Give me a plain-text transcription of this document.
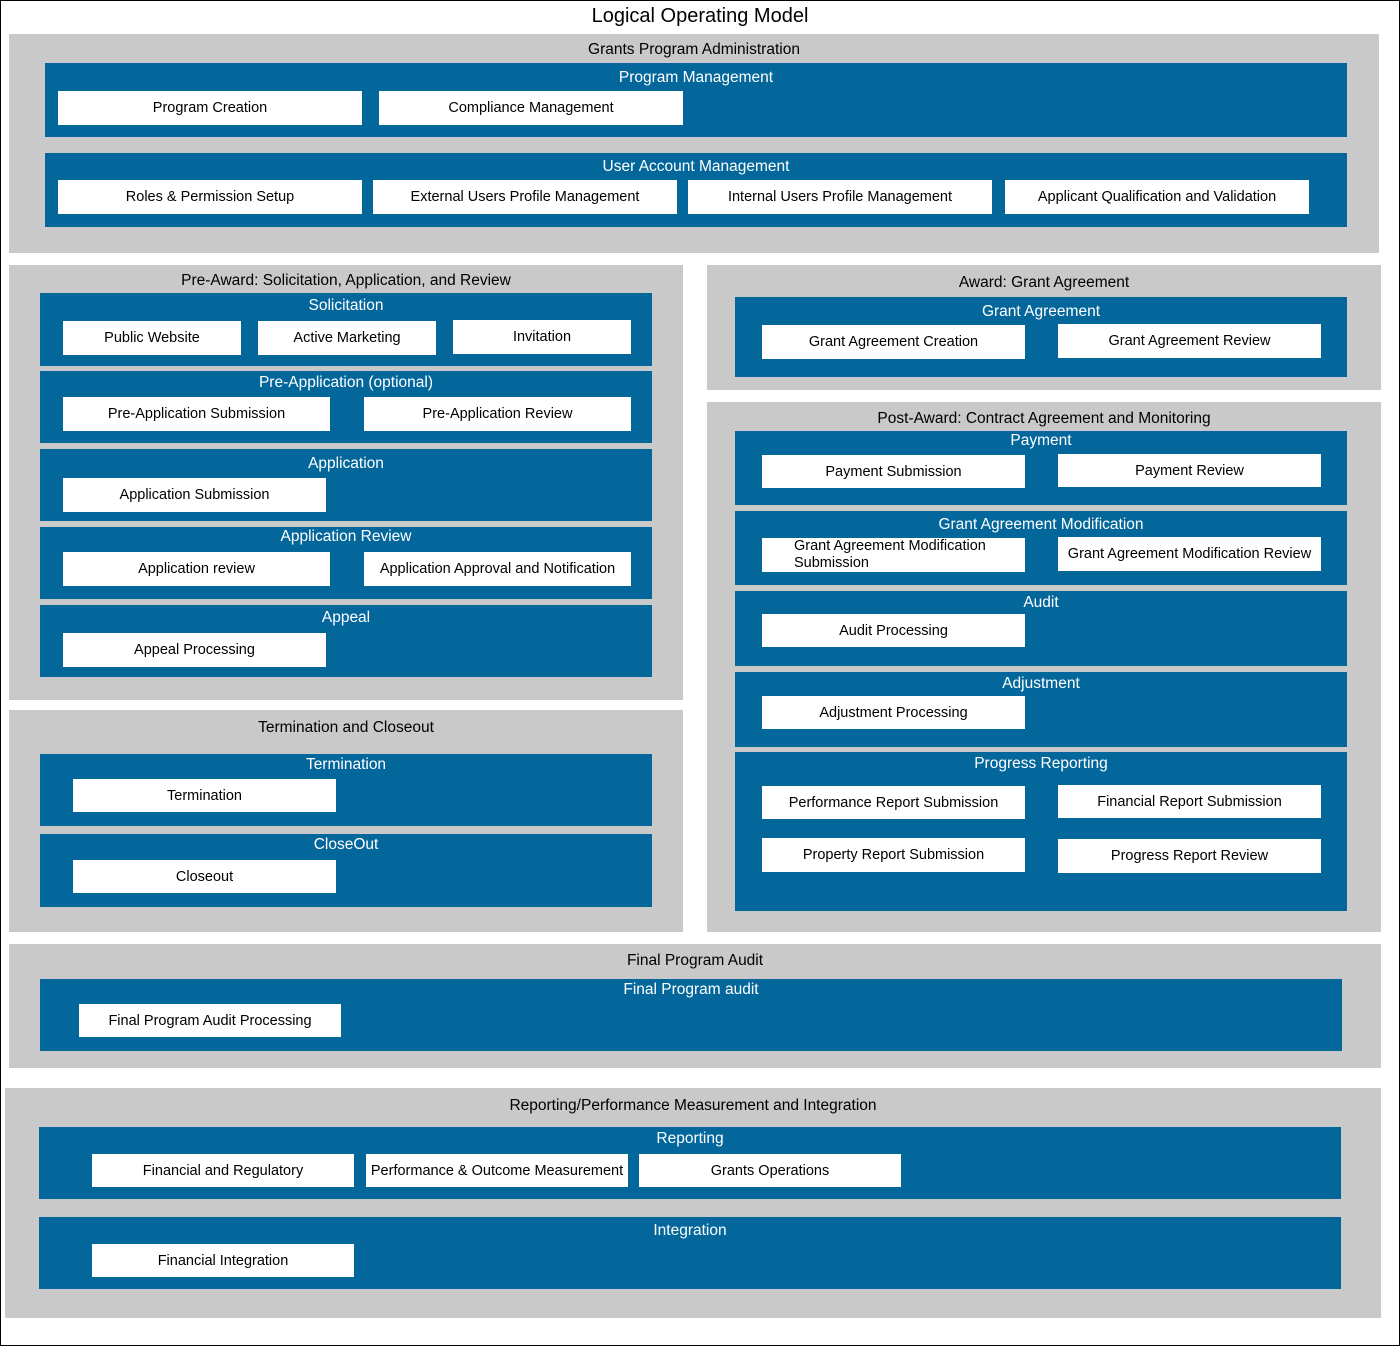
Logical Operating Model
Grants Program Administration
Program Management
Program Creation	Compliance Management
User Account Management
Roles & Permission Setup	External Users Profile Management	Internal Users Profile Management	Applicant Qualification and Validation
Pre-Award: Solicitation, Application, and Review
Solicitation
Public Website	Active Marketing	Invitation
Pre-Application (optional)
Pre-Application Submission	Pre-Application Review
Application
Application Submission
Application Review
Application review	Application Approval and Notification
Appeal
Appeal Processing
Termination and Closeout
Termination
Termination
CloseOut
Closeout
Award: Grant Agreement
Grant Agreement
Grant Agreement Creation	Grant Agreement Review
Post-Award: Contract Agreement and Monitoring
Payment
Payment Submission	Payment Review
Grant Agreement Modification
Grant Agreement Modification Submission
Grant Agreement Modification Review
Audit
Audit Processing
Adjustment
Adjustment Processing
Progress Reporting
Performance Report Submission	Financial Report Submission
Property Report Submission	Progress Report Review
Final Program Audit
Final Program audit
Final Program Audit Processing
Reporting/Performance Measurement and Integration
Reporting
Financial and Regulatory	Performance & Outcome Measurement	Grants Operations
Integration
Financial Integration
